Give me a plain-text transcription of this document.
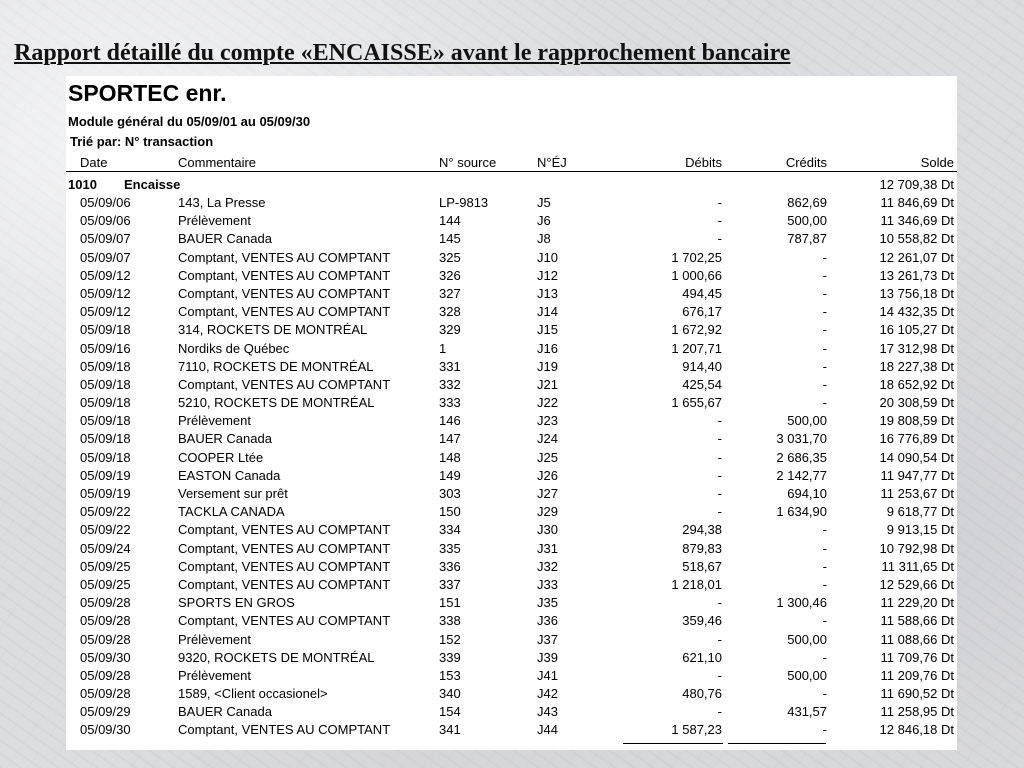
Rapport détaillé du compte «ENCAISSE» avant le rapprochement bancaire
SPORTEC enr.
Module général du 05/09/01 au 05/09/30
Trié par: N° transaction
Date	Commentaire	N° source	N°ÉJ	Débits	Crédits	Solde
1010 Encaisse	12 709,38 Dt
05/09/06	143, La Presse	LP-9813	J5	-	862,69	11 846,69 Dt
05/09/06	Prélèvement	144	J6	-	500,00	11 346,69 Dt
05/09/07	BAUER Canada	145	J8	-	787,87	10 558,82 Dt
05/09/07	Comptant, VENTES AU COMPTANT	325	J10	1 702,25	-	12 261,07 Dt
05/09/12	Comptant, VENTES AU COMPTANT	326	J12	1 000,66	-	13 261,73 Dt
05/09/12	Comptant, VENTES AU COMPTANT	327	J13	494,45	-	13 756,18 Dt
05/09/12	Comptant, VENTES AU COMPTANT	328	J14	676,17	-	14 432,35 Dt
05/09/18	314, ROCKETS DE MONTRÉAL	329	J15	1 672,92	-	16 105,27 Dt
05/09/16	Nordiks de Québec	1	J16	1 207,71	-	17 312,98 Dt
05/09/18	7110, ROCKETS DE MONTRÉAL	331	J19	914,40	-	18 227,38 Dt
05/09/18	Comptant, VENTES AU COMPTANT	332	J21	425,54	-	18 652,92 Dt
05/09/18	5210, ROCKETS DE MONTRÉAL	333	J22	1 655,67	-	20 308,59 Dt
05/09/18	Prélèvement	146	J23	-	500,00	19 808,59 Dt
05/09/18	BAUER Canada	147	J24	-	3 031,70	16 776,89 Dt
05/09/18	COOPER Ltée	148	J25	-	2 686,35	14 090,54 Dt
05/09/19	EASTON Canada	149	J26	-	2 142,77	11 947,77 Dt
05/09/19	Versement sur prêt	303	J27	-	694,10	11 253,67 Dt
05/09/22	TACKLA CANADA	150	J29	-	1 634,90	9 618,77 Dt
05/09/22	Comptant, VENTES AU COMPTANT	334	J30	294,38	-	9 913,15 Dt
05/09/24	Comptant, VENTES AU COMPTANT	335	J31	879,83	-	10 792,98 Dt
05/09/25	Comptant, VENTES AU COMPTANT	336	J32	518,67	-	11 311,65 Dt
05/09/25	Comptant, VENTES AU COMPTANT	337	J33	1 218,01	-	12 529,66 Dt
05/09/28	SPORTS EN GROS	151	J35	-	1 300,46	11 229,20 Dt
05/09/28	Comptant, VENTES AU COMPTANT	338	J36	359,46	-	11 588,66 Dt
05/09/28	Prélèvement	152	J37	-	500,00	11 088,66 Dt
05/09/30	9320, ROCKETS DE MONTRÉAL	339	J39	621,10	-	11 709,76 Dt
05/09/28	Prélèvement	153	J41	-	500,00	11 209,76 Dt
05/09/28	1589, <Client occasionel>	340	J42	480,76	-	11 690,52 Dt
05/09/29	BAUER Canada	154	J43	-	431,57	11 258,95 Dt
05/09/30	Comptant, VENTES AU COMPTANT	341	J44	1 587,23	-	12 846,18 Dt
